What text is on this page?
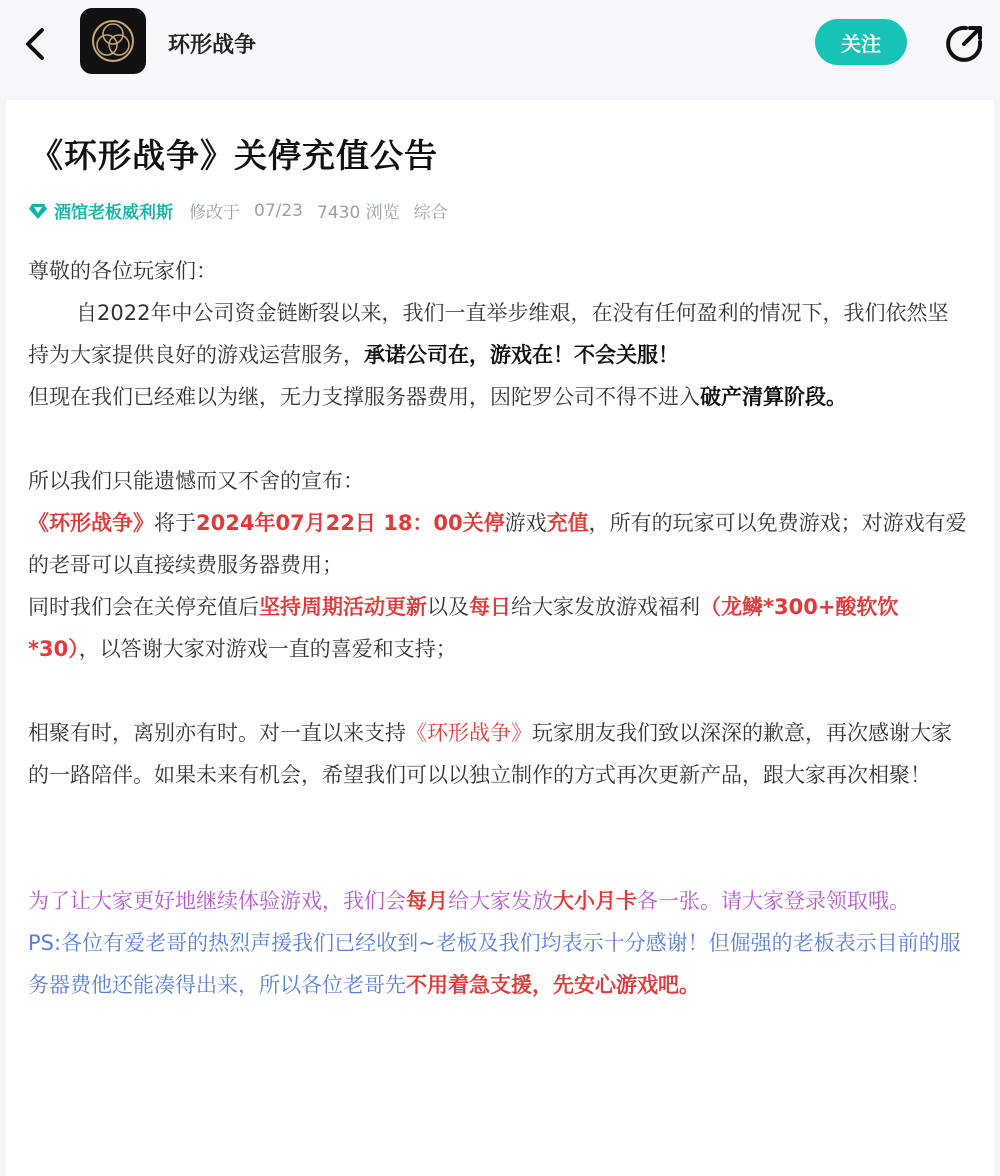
环形战争	关注
《环形战争》关停充值公告
酒馆老板威利斯 修改于 07/23 7430 浏览 综合

尊敬的各位玩家们：

自2022年中公司资金链断裂以来，我们一直举步维艰，在没有任何盈利的情况下，我们依然坚持为大家提供良好的游戏运营服务，承诺公司在，游戏在！不会关服！
但现在我们已经难以为继，无力支撑服务器费用，因陀罗公司不得不进入破产清算阶段。

所以我们只能遗憾而又不舍的宣布：

《环形战争》将于2024年07月22日 18：00关停游戏充值，所有的玩家可以免费游戏；对游戏有爱的老哥可以直接续费服务器费用；

同时我们会在关停充值后坚持周期活动更新以及每日给大家发放游戏福利（龙鳞*300+酸软饮*30），以答谢大家对游戏一直的喜爱和支持；

相聚有时，离别亦有时。对一直以来支持《环形战争》玩家朋友我们致以深深的歉意，再次感谢大家的一路陪伴。如果未来有机会，希望我们可以以独立制作的方式再次更新产品，跟大家再次相聚！

为了让大家更好地继续体验游戏，我们会每月给大家发放大小月卡各一张。请大家登录领取哦。

PS:各位有爱老哥的热烈声援我们已经收到~老板及我们均表示十分感谢！但倔强的老板表示目前的服务器费他还能凑得出来，所以各位老哥先不用着急支援，先安心游戏吧。
